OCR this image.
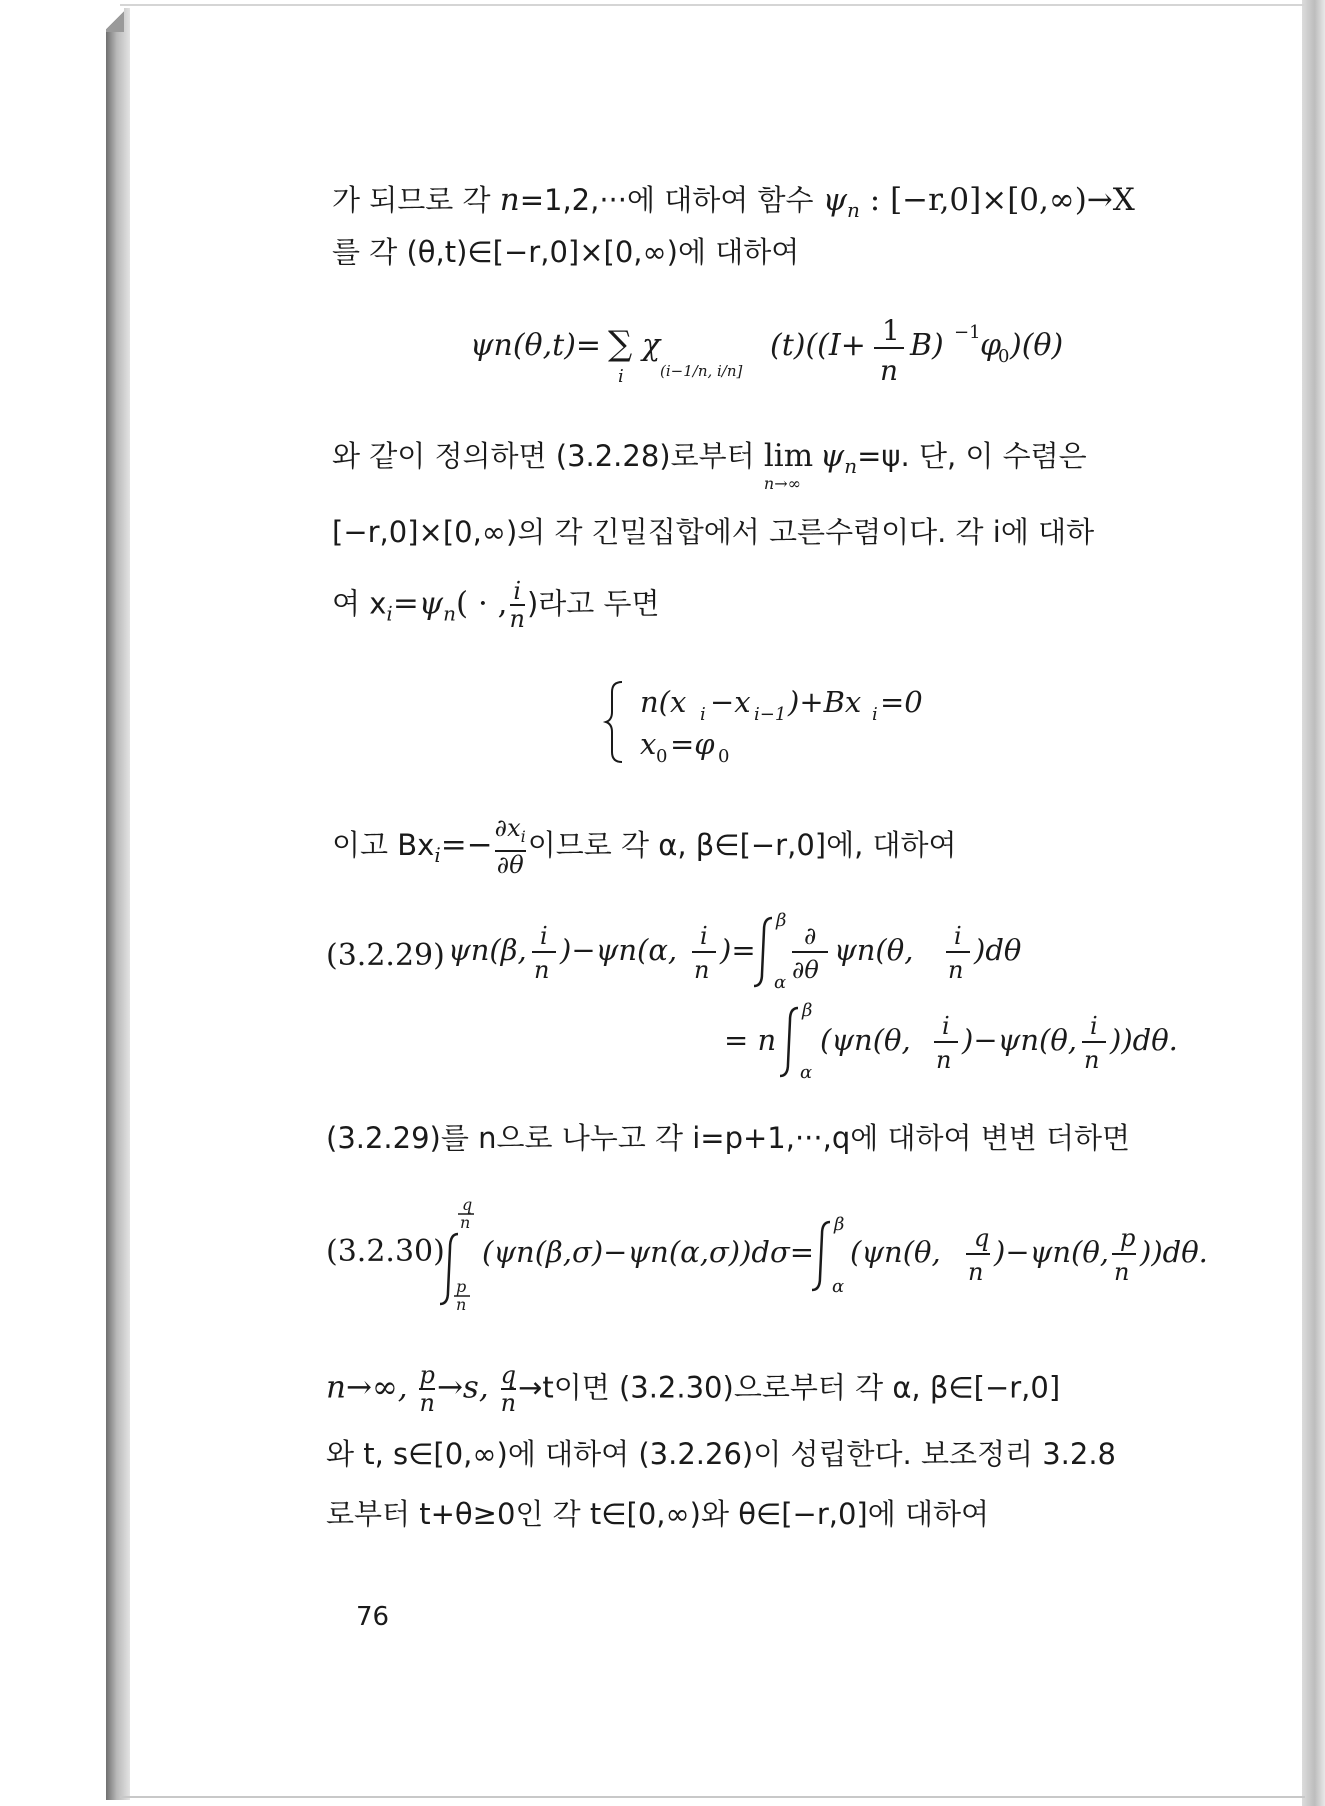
가 되므로 각 n=1,2,···에 대하여 함수 $\psi_n$ : [−r,0]×[0,∞)→X
를 각 (θ,t)∈[−r,0]×[0,∞)에 대하여
ψn(θ,t)= ∑
i
χ
(i−1/n, i/n]
(t)((I+ 1
n
B) −1 φ
0 )(θ)
와 같이 정의하면 (3.2.28)로부터 lim
n→∞
$\psi_n=\psi$. 단, 이 수렴은
[−r,0]×[0,∞)의 각 긴밀집합에서 고른수렴이다. 각 i에 대하
여 $x_i=\psi_n$( · , $\frac{i}{n}$ )라고 두면
n(x i −x i−1 )+Bx i =0
x 0 =φ 0
이고 $Bx_i=- \frac{\partial x_i}{\partial\theta}$ 이므로 각 α, β∈[−r,0]에, 대하여
(3.2.29) ψn(β, i
n
)−ψn(α, i
n
)=
β
α
∂
∂θ
ψn(θ, i
n
)dθ
= n
β
α
(ψn(θ, i
n
)−ψn(θ, i
n
))dθ.
(3.2.29)를 n으로 나누고 각 i=p+1,···,q에 대하여 변변 더하면
(3.2.30)
q
n
p
n
(ψn(β,σ)−ψn(α,σ))dσ=
β
α
(ψn(θ, q
n
)−ψn(θ, p
n
))dθ.
n→∞, $\frac{p}{n} \to s$, $\frac{q}{n} \to t$이면 (3.2.30)으로부터 각 α, β∈[−r,0]
와 t, s∈[0,∞)에 대하여 (3.2.26)이 성립한다. 보조정리 3.2.8
로부터 t+θ≥0인 각 t∈[0,∞)와 θ∈[−r,0]에 대하여
76
